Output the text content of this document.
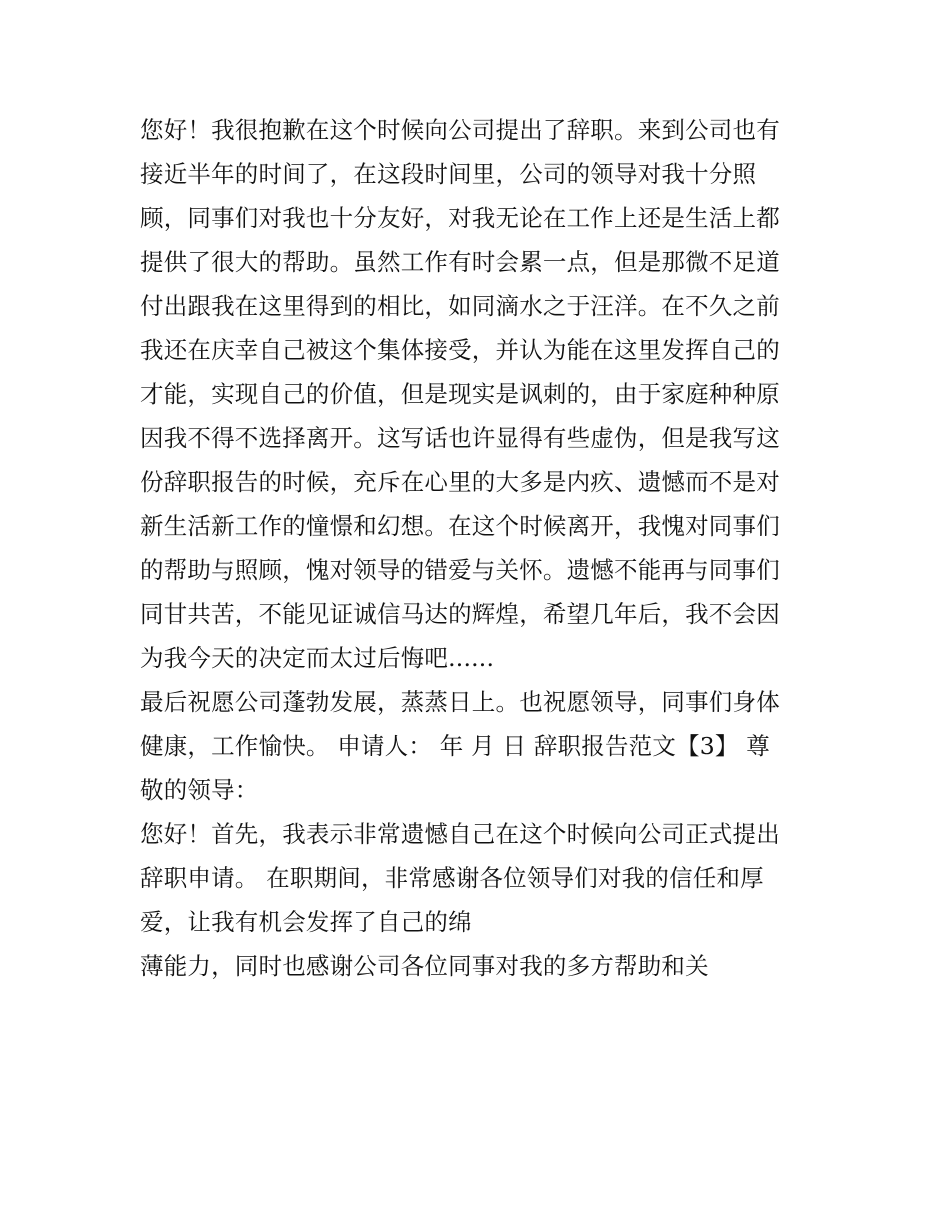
您好！我很抱歉在这个时候向公司提出了辞职。来到公司也有
接近半年的时间了，在这段时间里，公司的领导对我十分照
顾，同事们对我也十分友好，对我无论在工作上还是生活上都
提供了很大的帮助。虽然工作有时会累一点，但是那微不足道
付出跟我在这里得到的相比，如同滴水之于汪洋。在不久之前
我还在庆幸自己被这个集体接受，并认为能在这里发挥自己的
才能，实现自己的价值，但是现实是讽刺的，由于家庭种种原
因我不得不选择离开。这写话也许显得有些虚伪，但是我写这
份辞职报告的时候，充斥在心里的大多是内疚、遗憾而不是对
新生活新工作的憧憬和幻想。在这个时候离开，我愧对同事们
的帮助与照顾，愧对领导的错爱与关怀。遗憾不能再与同事们
同甘共苦，不能见证诚信马达的辉煌，希望几年后，我不会因
为我今天的决定而太过后悔吧......
最后祝愿公司蓬勃发展，蒸蒸日上。也祝愿领导，同事们身体
健康，工作愉快。 申请人： 年 月 日 辞职报告范文【3】 尊
敬的领导：
您好！首先，我表示非常遗憾自己在这个时候向公司正式提出
辞职申请。 在职期间，非常感谢各位领导们对我的信任和厚
爱，让我有机会发挥了自己的绵
薄能力，同时也感谢公司各位同事对我的多方帮助和关
